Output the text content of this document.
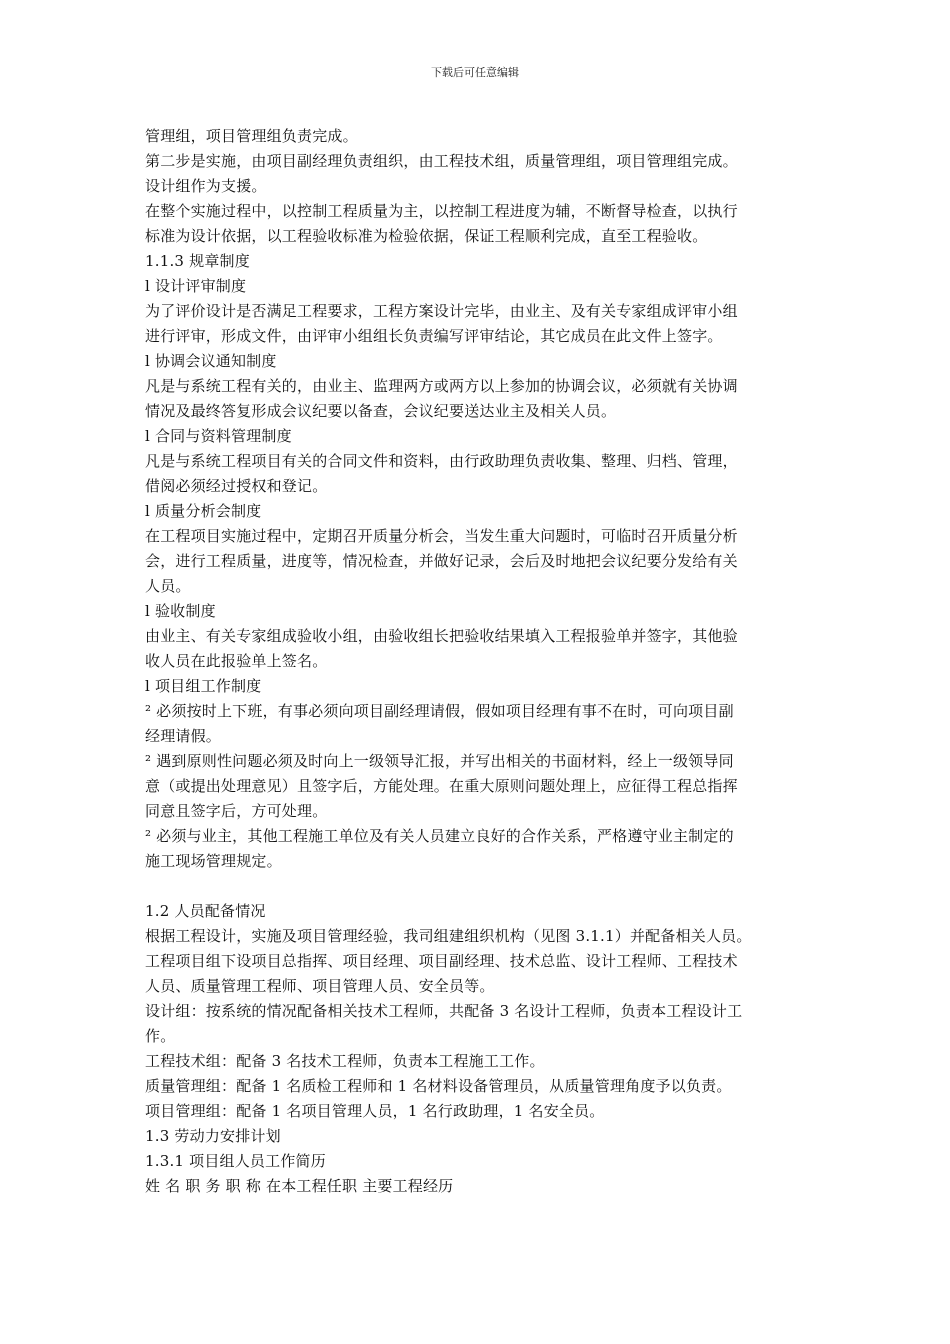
下载后可任意编辑

管理组，项目管理组负责完成。

第二步是实施，由项目副经理负责组织，由工程技术组，质量管理组，项目管理组完成。

设计组作为支援。

在整个实施过程中，以控制工程质量为主，以控制工程进度为辅，不断督导检查，以执行

标准为设计依据，以工程验收标准为检验依据，保证工程顺利完成，直至工程验收。

1.1.3 规章制度

l 设计评审制度

为了评价设计是否满足工程要求，工程方案设计完毕，由业主、及有关专家组成评审小组

进行评审，形成文件，由评审小组组长负责编写评审结论，其它成员在此文件上签字。

l 协调会议通知制度

凡是与系统工程有关的，由业主、监理两方或两方以上参加的协调会议，必须就有关协调

情况及最终答复形成会议纪要以备查，会议纪要送达业主及相关人员。

l 合同与资料管理制度

凡是与系统工程项目有关的合同文件和资料，由行政助理负责收集、整理、归档、管理，

借阅必须经过授权和登记。

l 质量分析会制度

在工程项目实施过程中，定期召开质量分析会，当发生重大问题时，可临时召开质量分析

会，进行工程质量，进度等，情况检查，并做好记录，会后及时地把会议纪要分发给有关

人员。

l 验收制度

由业主、有关专家组成验收小组，由验收组长把验收结果填入工程报验单并签字，其他验

收人员在此报验单上签名。

l 项目组工作制度

² 必须按时上下班，有事必须向项目副经理请假，假如项目经理有事不在时，可向项目副

经理请假。

² 遇到原则性问题必须及时向上一级领导汇报，并写出相关的书面材料，经上一级领导同

意（或提出处理意见）且签字后，方能处理。在重大原则问题处理上，应征得工程总指挥

同意且签字后，方可处理。

² 必须与业主，其他工程施工单位及有关人员建立良好的合作关系，严格遵守业主制定的

施工现场管理规定。

1.2 人员配备情况

根据工程设计，实施及项目管理经验，我司组建组织机构（见图 3.1.1）并配备相关人员。

工程项目组下设项目总指挥、项目经理、项目副经理、技术总监、设计工程师、工程技术

人员、质量管理工程师、项目管理人员、安全员等。

设计组：按系统的情况配备相关技术工程师，共配备 3 名设计工程师，负责本工程设计工

作。

工程技术组：配备 3 名技术工程师，负责本工程施工工作。

质量管理组：配备 1 名质检工程师和 1 名材料设备管理员，从质量管理角度予以负责。

项目管理组：配备 1 名项目管理人员，1 名行政助理，1 名安全员。

1.3 劳动力安排计划

1.3.1 项目组人员工作简历

姓 名 职 务 职 称 在本工程任职 主要工程经历
